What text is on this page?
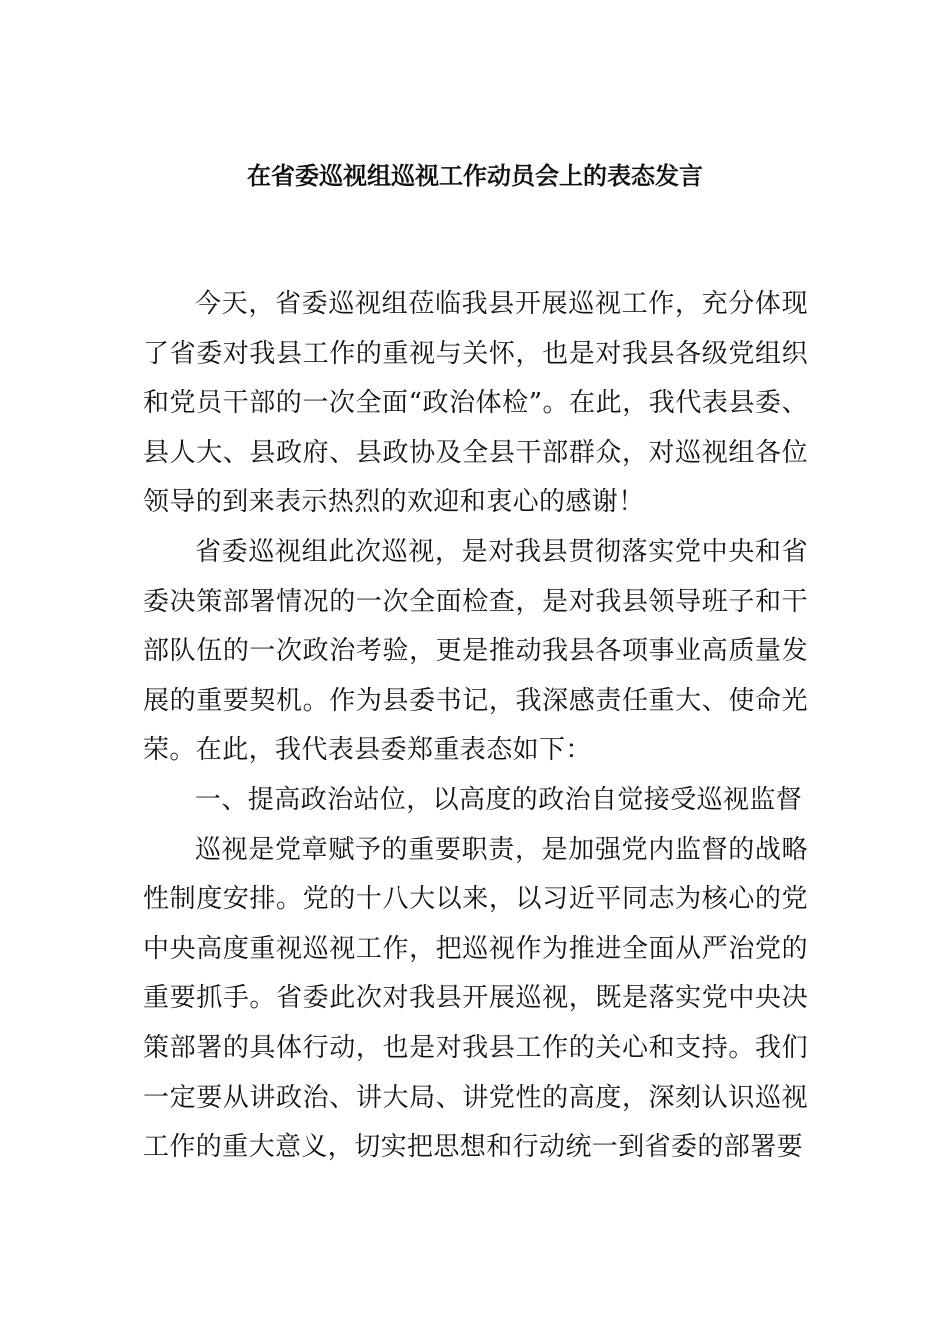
在省委巡视组巡视工作动员会上的表态发言

今天，省委巡视组莅临我县开展巡视工作，充分体现了省委对我县工作的重视与关怀，也是对我县各级党组织和党员干部的一次全面“政治体检”。在此，我代表县委、县人大、县政府、县政协及全县干部群众，对巡视组各位领导的到来表示热烈的欢迎和衷心的感谢！

省委巡视组此次巡视，是对我县贯彻落实党中央和省委决策部署情况的一次全面检查，是对我县领导班子和干部队伍的一次政治考验，更是推动我县各项事业高质量发展的重要契机。作为县委书记，我深感责任重大、使命光荣。在此，我代表县委郑重表态如下：

一、提高政治站位，以高度的政治自觉接受巡视监督

巡视是党章赋予的重要职责，是加强党内监督的战略性制度安排。党的十八大以来，以习近平同志为核心的党中央高度重视巡视工作，把巡视作为推进全面从严治党的重要抓手。省委此次对我县开展巡视，既是落实党中央决策部署的具体行动，也是对我县工作的关心和支持。我们一定要从讲政治、讲大局、讲党性的高度，深刻认识巡视工作的重大意义，切实把思想和行动统一到省委的部署要
